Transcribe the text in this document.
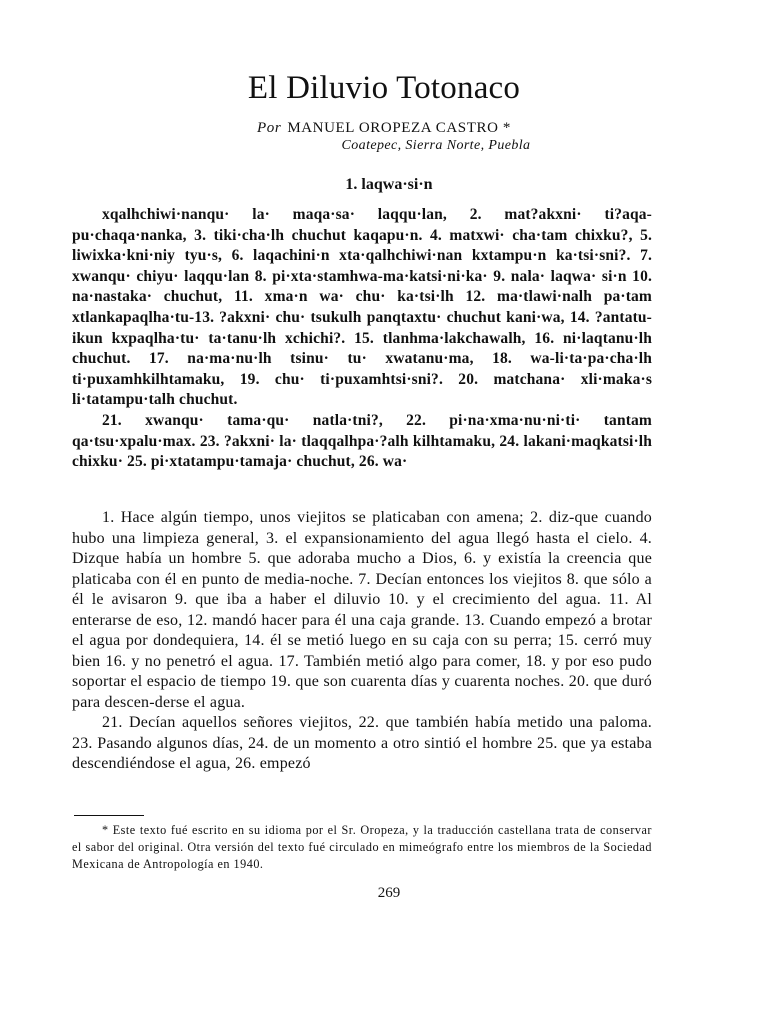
El Diluvio Totonaco
Por MANUEL OROPEZA CASTRO *
Coatepec, Sierra Norte, Puebla
1. laqwa·si·n

xqalhchiwi·nanqu· la· maqa·sa· laqqu·lan, 2. mat?akxni· ti?aqa-pu·chaqa·nanka, 3. tiki·cha·lh chuchut kaqapu·n. 4. matxwi· cha·tam chixku?, 5. liwixka·kni·niy tyu·s, 6. laqachini·n xta·qalhchiwi·nan kxtampu·n ka·tsi·sni?. 7. xwanqu· chiyu· laqqu·lan 8. pi·xta·stamhwa-ma·katsi·ni·ka· 9. nala· laqwa· si·n 10. na·nastaka· chuchut, 11. xma·n wa· chu· ka·tsi·lh 12. ma·tlawi·nalh pa·tam xtlankapaqlha·tu-13. ?akxni· chu· tsukulh panqtaxtu· chuchut kani·wa, 14. ?antatu-ikun kxpaqlha·tu· ta·tanu·lh xchichi?. 15. tlanhma·lakchawalh, 16. ni·laqtanu·lh chuchut. 17. na·ma·nu·lh tsinu· tu· xwatanu·ma, 18. wa-li·ta·pa·cha·lh ti·puxamhkilhtamaku, 19. chu· ti·puxamhtsi·sni?. 20. matchana· xli·maka·s li·tatampu·talh chuchut.

21. xwanqu· tama·qu· natla·tni?, 22. pi·na·xma·nu·ni·ti· tantam qa·tsu·xpalu·max. 23. ?akxni· la· tlaqqalhpa·?alh kilhtamaku, 24. lakani·maqkatsi·lh chixku· 25. pi·xtatampu·tamaja· chuchut, 26. wa·

1. Hace algún tiempo, unos viejitos se platicaban con amena; 2. diz-que cuando hubo una limpieza general, 3. el expansionamiento del agua llegó hasta el cielo. 4. Dizque había un hombre 5. que adoraba mucho a Dios, 6. y existía la creencia que platicaba con él en punto de media-noche. 7. Decían entonces los viejitos 8. que sólo a él le avisaron 9. que iba a haber el diluvio 10. y el crecimiento del agua. 11. Al enterarse de eso, 12. mandó hacer para él una caja grande. 13. Cuando empezó a brotar el agua por dondequiera, 14. él se metió luego en su caja con su perra; 15. cerró muy bien 16. y no penetró el agua. 17. También metió algo para comer, 18. y por eso pudo soportar el espacio de tiempo 19. que son cuarenta días y cuarenta noches. 20. que duró para descen-derse el agua.

21. Decían aquellos señores viejitos, 22. que también había metido una paloma. 23. Pasando algunos días, 24. de un momento a otro sintió el hombre 25. que ya estaba descendiéndose el agua, 26. empezó

* Este texto fué escrito en su idioma por el Sr. Oropeza, y la traducción castellana trata de conservar el sabor del original. Otra versión del texto fué circulado en mimeógrafo entre los miembros de la Sociedad Mexicana de Antropología en 1940.

269
